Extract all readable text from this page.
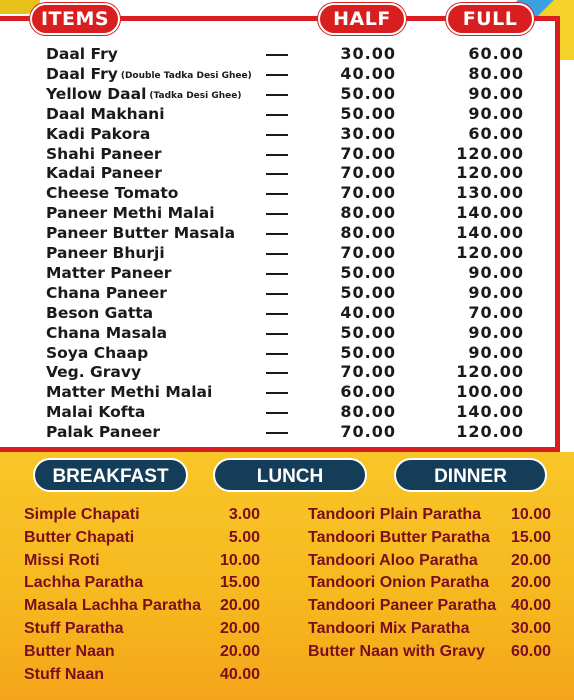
ITEMS	HALF	FULL
Daal Fry	30.00	60.00
Daal Fry (Double Tadka Desi Ghee)	40.00	80.00
Yellow Daal (Tadka Desi Ghee)	50.00	90.00
Daal Makhani	50.00	90.00
Kadi Pakora	30.00	60.00
Shahi Paneer	70.00	120.00
Kadai Paneer	70.00	120.00
Cheese Tomato	70.00	130.00
Paneer Methi Malai	80.00	140.00
Paneer Butter Masala	80.00	140.00
Paneer Bhurji	70.00	120.00
Matter Paneer	50.00	90.00
Chana Paneer	50.00	90.00
Beson Gatta	40.00	70.00
Chana Masala	50.00	90.00
Soya Chaap	50.00	90.00
Veg. Gravy	70.00	120.00
Matter Methi Malai	60.00	100.00
Malai Kofta	80.00	140.00
Palak Paneer	70.00	120.00
BREAKFAST	LUNCH	DINNER
Simple Chapati	3.00
Butter Chapati	5.00
Missi Roti	10.00
Lachha Paratha	15.00
Masala Lachha Paratha	20.00
Stuff Paratha	20.00
Butter Naan	20.00
Stuff Naan	40.00
Tandoori Plain Paratha	10.00
Tandoori Butter Paratha	15.00
Tandoori Aloo Paratha	20.00
Tandoori Onion Paratha	20.00
Tandoori Paneer Paratha 40.00
Tandoori Mix Paratha	30.00
Butter Naan with Gravy	60.00
